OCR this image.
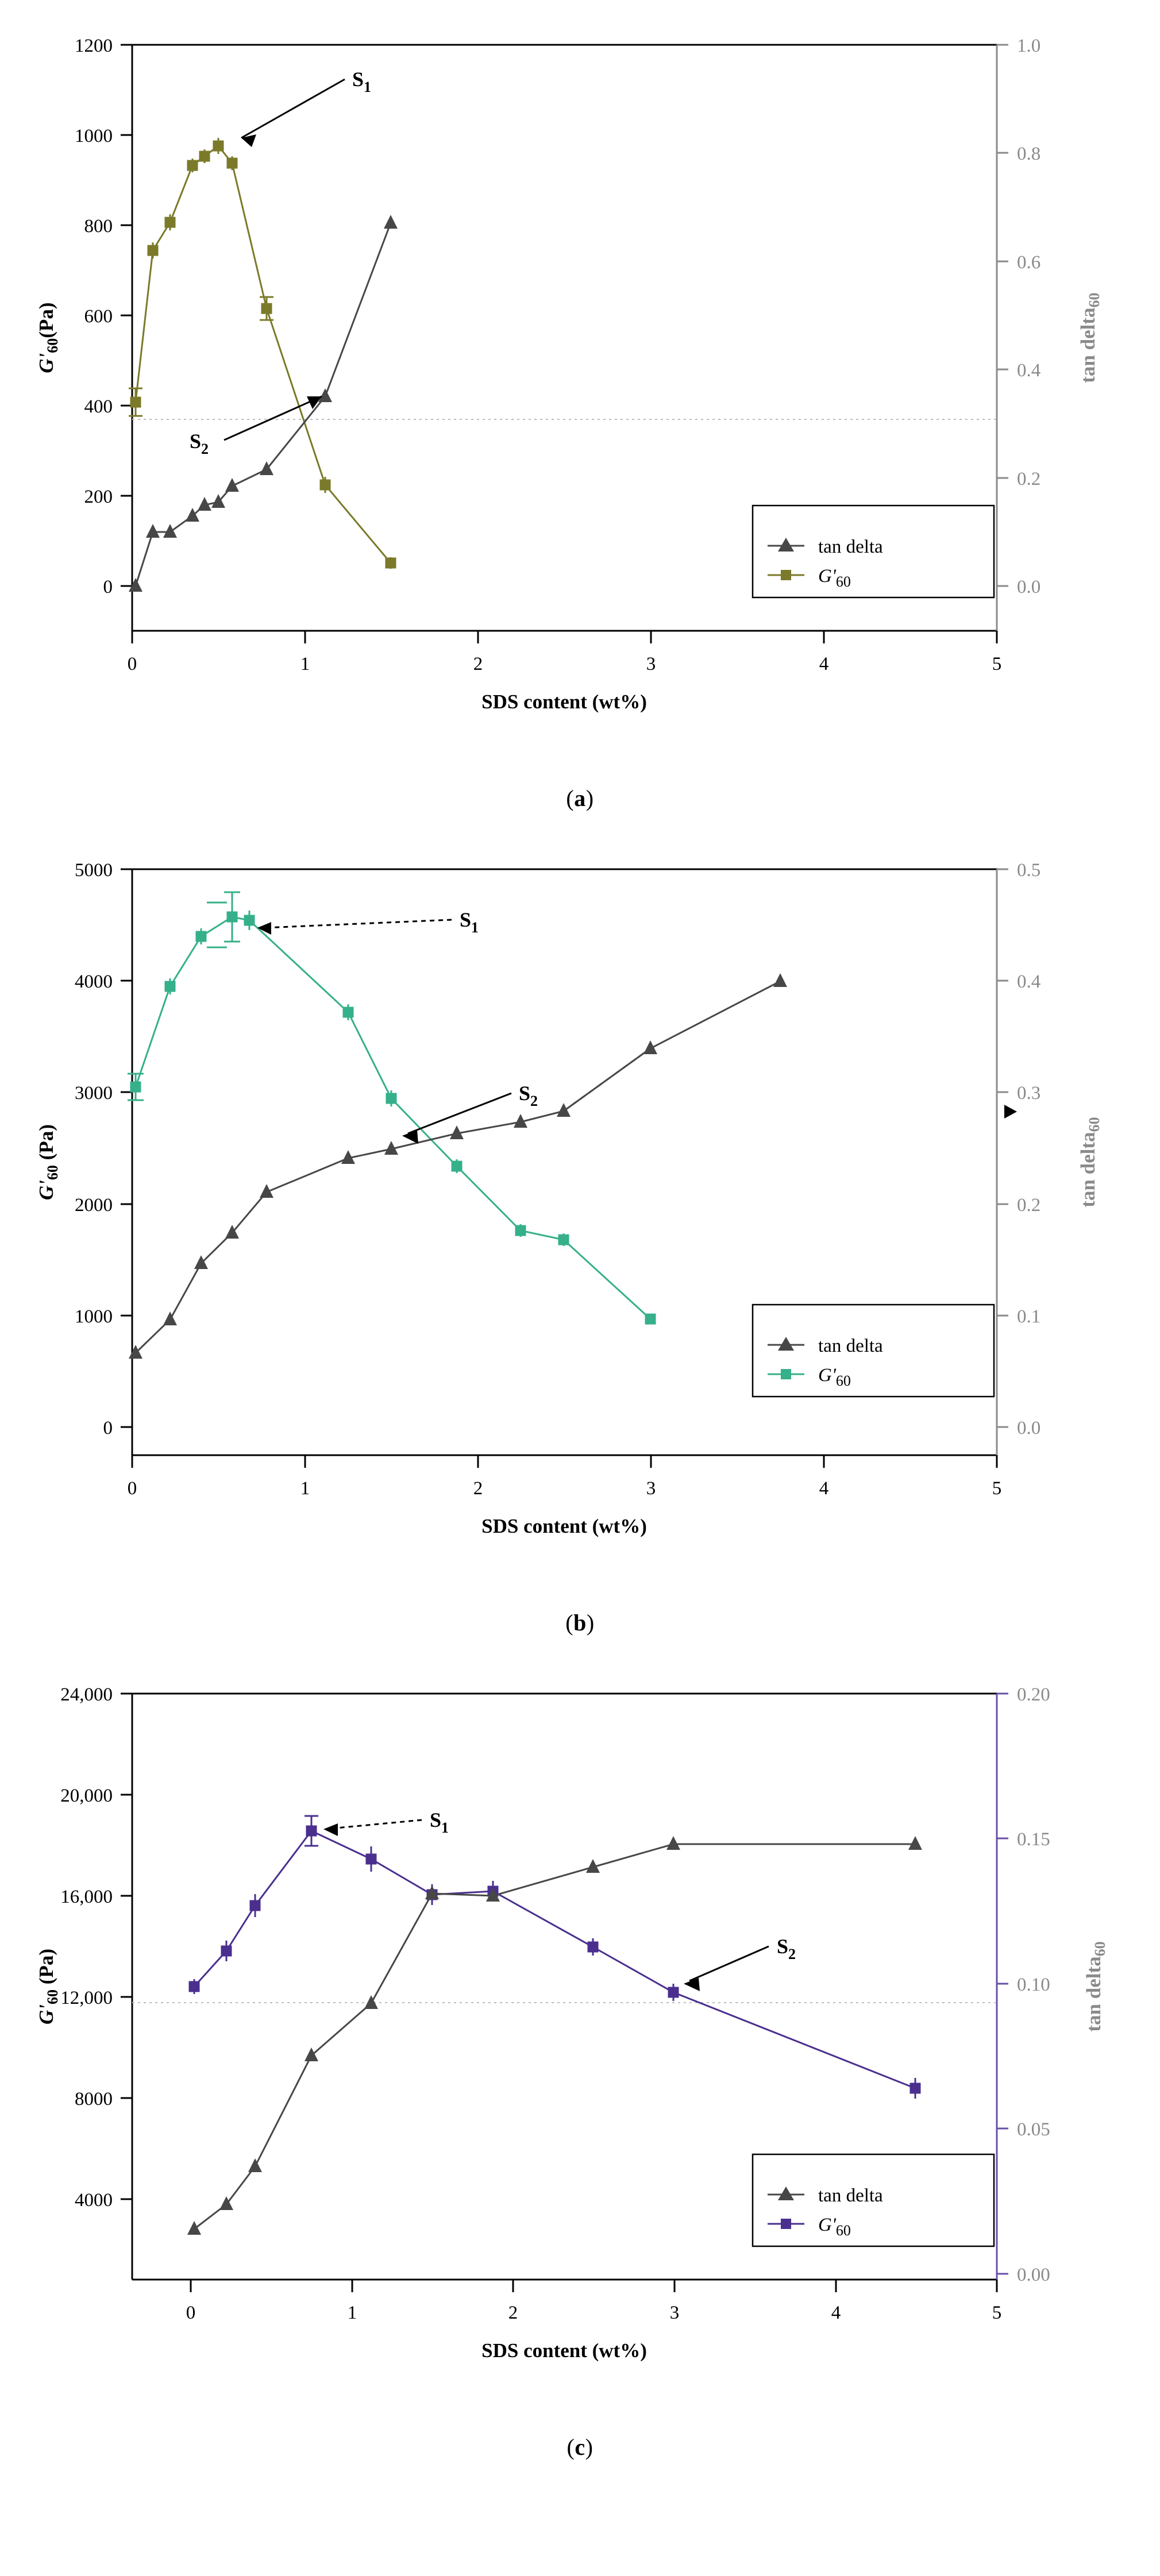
1200
1000
800
600
400
200
0
1.0
0.8
0.6
0.4
0.2
0.0
0	1	2	3	4	5
SDS content (wt%)
$G'_{60}(Pa)$	tan delta$_{60}$
$S_1$
$S_2$
tan delta
$G'_{60}$
(a)
5000
4000
3000
2000
1000
0
0.5
0.4
0.3
0.2
0.1
0.0
0	1	2	3	4	5
SDS content (wt%)
$G'_{60}$ (Pa)	tan delta$_{60}$
$S_1$
$S_2$
tan delta
$G'_{60}$
(b)
24,000
20,000
16,000
12,000
8000
4000
0.20
0.15
0.10
0.05
0.00
0	1	2	3	4	5
SDS content (wt%)
$G'_{60}$ (Pa)	tan delta$_{60}$
$S_1$
$S_2$
tan delta
$G'_{60}$
(c)
